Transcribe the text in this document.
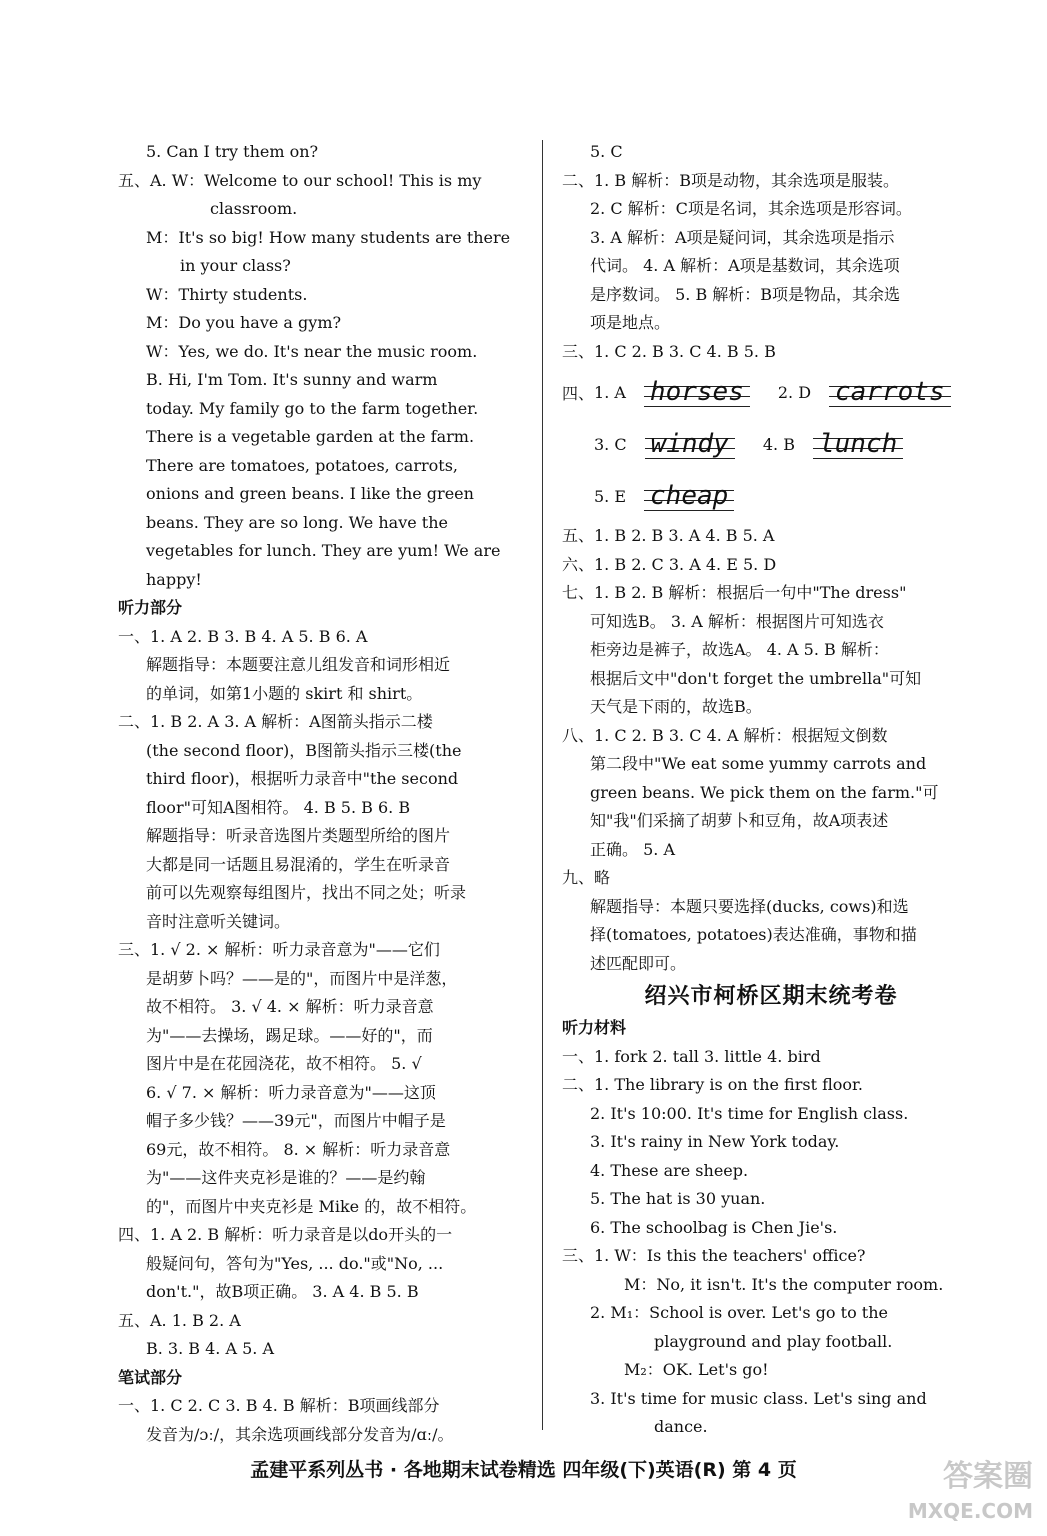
5. Can I try them on?
五、A. W：Welcome to our school! This is my
classroom.
M：It's so big! How many students are there
in your class?
W：Thirty students.
M：Do you have a gym?
W：Yes, we do. It's near the music room.
B. Hi, I'm Tom. It's sunny and warm
today. My family go to the farm together.
There is a vegetable garden at the farm.
There are tomatoes, potatoes, carrots,
onions and green beans. I like the green
beans. They are so long. We have the
vegetables for lunch. They are yum! We are
happy!
听力部分
一、1. A 2. B 3. B 4. A 5. B 6. A
解题指导：本题要注意儿组发音和词形相近
的单词，如第1小题的 skirt 和 shirt。
二、1. B 2. A 3. A 解析：A图箭头指示二楼
(the second floor)，B图箭头指示三楼(the
third floor)，根据听力录音中"the second
floor"可知A图相符。 4. B 5. B 6. B
解题指导：听录音选图片类题型所给的图片
大都是同一话题且易混淆的，学生在听录音
前可以先观察每组图片，找出不同之处；听录
音时注意听关键词。
三、1. √ 2. × 解析：听力录音意为"——它们
是胡萝卜吗？——是的"，而图片中是洋葱，
故不相符。 3. √ 4. × 解析：听力录音意
为"——去操场，踢足球。——好的"，而
图片中是在花园浇花，故不相符。 5. √
6. √ 7. × 解析：听力录音意为"——这顶
帽子多少钱？——39元"，而图片中帽子是
69元，故不相符。 8. × 解析：听力录音意
为"——这件夹克衫是谁的？——是约翰
的"，而图片中夹克衫是 Mike 的，故不相符。
四、1. A 2. B 解析：听力录音是以do开头的一
般疑问句，答句为"Yes, ... do."或"No, ...
don't."，故B项正确。 3. A 4. B 5. B
五、A. 1. B 2. A
B. 3. B 4. A 5. A
笔试部分
一、1. C 2. C 3. B 4. B 解析：B项画线部分
发音为/ɔː/，其余选项画线部分发音为/ɑː/。
5. C
二、1. B 解析：B项是动物，其余选项是服装。
2. C 解析：C项是名词，其余选项是形容词。
3. A 解析：A项是疑问词，其余选项是指示
代词。 4. A 解析：A项是基数词，其余选项
是序数词。 5. B 解析：B项是物品，其余选
项是地点。
三、1. C 2. B 3. C 4. B 5. B
四、 1. A horses	2. D carrots
3. C windy	4. B lunch
5. E cheap
五、1. B 2. B 3. A 4. B 5. A
六、1. B 2. C 3. A 4. E 5. D
七、1. B 2. B 解析：根据后一句中"The dress"
可知选B。 3. A 解析：根据图片可知选衣
柜旁边是裤子，故选A。 4. A 5. B 解析：
根据后文中"don't forget the umbrella"可知
天气是下雨的，故选B。
八、1. C 2. B 3. C 4. A 解析：根据短文倒数
第二段中"We eat some yummy carrots and
green beans. We pick them on the farm."可
知"我"们采摘了胡萝卜和豆角，故A项表述
正确。 5. A
九、略
解题指导：本题只要选择(ducks, cows)和选
择(tomatoes, potatoes)表达准确，事物和描
述匹配即可。
绍兴市柯桥区期末统考卷
听力材料
一、1. fork 2. tall 3. little 4. bird
二、1. The library is on the first floor.
2. It's 10:00. It's time for English class.
3. It's rainy in New York today.
4. These are sheep.
5. The hat is 30 yuan.
6. The schoolbag is Chen Jie's.
三、1. W：Is this the teachers' office?
M：No, it isn't. It's the computer room.
2. M₁：School is over. Let's go to the
playground and play football.
M₂：OK. Let's go!
3. It's time for music class. Let's sing and
dance.
孟建平系列丛书 · 各地期末试卷精选 四年级(下)英语(R) 第 4 页	答案圈
MXQE.COM
